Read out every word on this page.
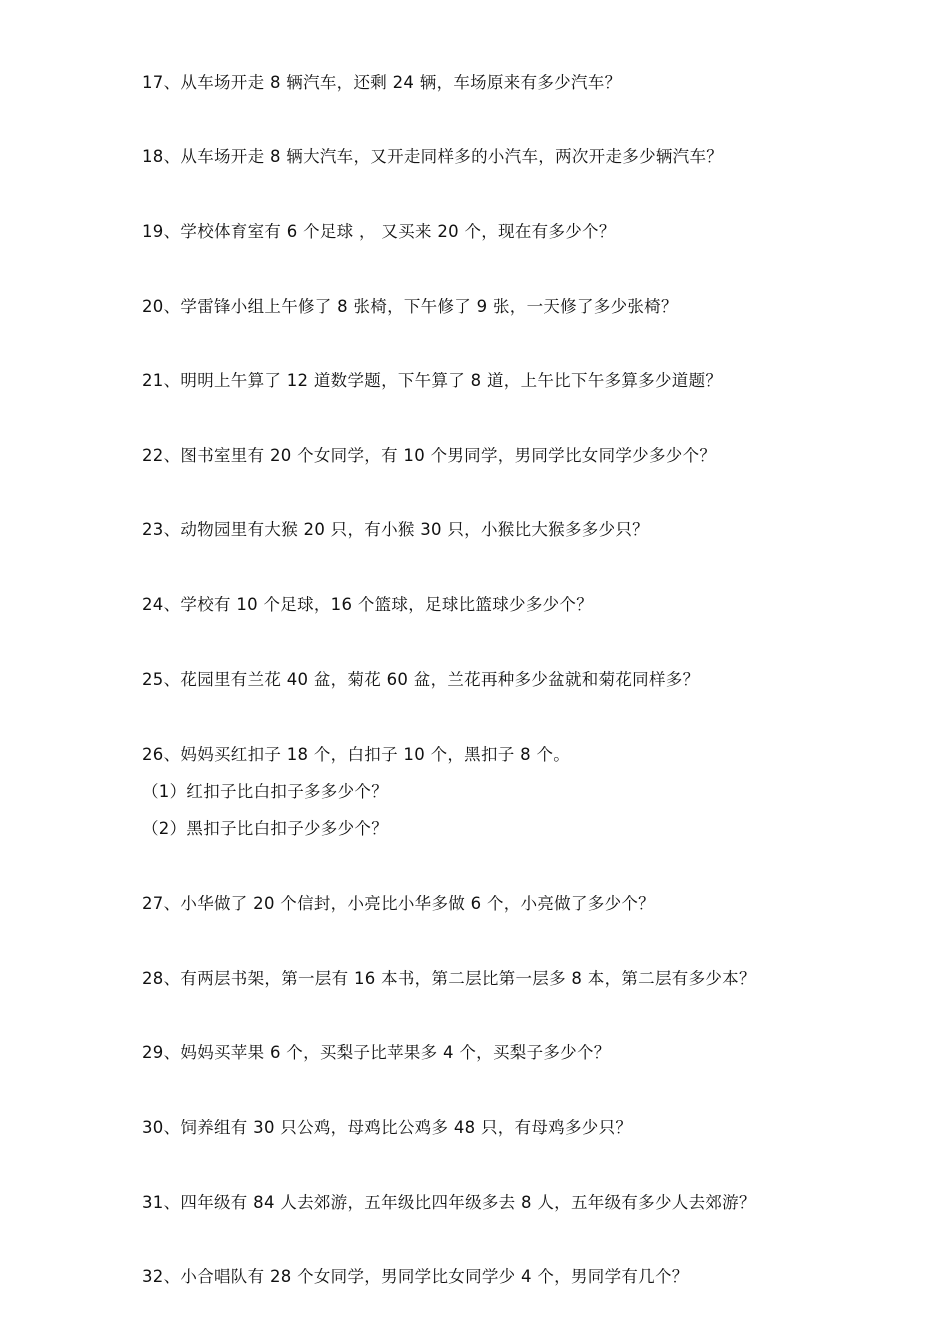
17、从车场开走 8 辆汽车，还剩 24 辆，车场原来有多少汽车？
18、从车场开走 8 辆大汽车，又开走同样多的小汽车，两次开走多少辆汽车？
19、学校体育室有 6 个足球 ， 又买来 20 个，现在有多少个？
20、学雷锋小组上午修了 8 张椅，下午修了 9 张，一天修了多少张椅？
21、明明上午算了 12 道数学题，下午算了 8 道，上午比下午多算多少道题？
22、图书室里有 20 个女同学，有 10 个男同学，男同学比女同学少多少个？
23、动物园里有大猴 20 只，有小猴 30 只，小猴比大猴多多少只？
24、学校有 10 个足球，16 个篮球，足球比篮球少多少个？
25、花园里有兰花 40 盆，菊花 60 盆，兰花再种多少盆就和菊花同样多？
26、妈妈买红扣子 18 个，白扣子 10 个，黑扣子 8 个。
（1）红扣子比白扣子多多少个？
（2）黑扣子比白扣子少多少个？
27、小华做了 20 个信封，小亮比小华多做 6 个，小亮做了多少个？
28、有两层书架，第一层有 16 本书，第二层比第一层多 8 本，第二层有多少本？
29、妈妈买苹果 6 个，买梨子比苹果多 4 个，买梨子多少个？
30、饲养组有 30 只公鸡，母鸡比公鸡多 48 只，有母鸡多少只？
31、四年级有 84 人去郊游，五年级比四年级多去 8 人，五年级有多少人去郊游？
32、小合唱队有 28 个女同学，男同学比女同学少 4 个，男同学有几个？
